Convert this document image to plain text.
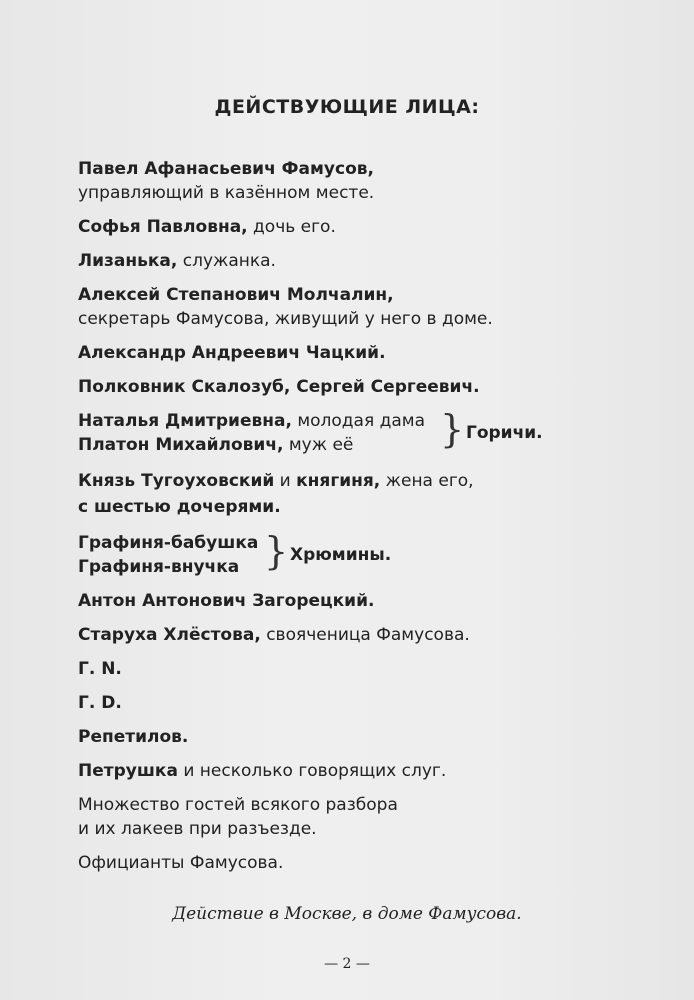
ДЕЙСТВУЮЩИЕ ЛИЦА:
Павел Афанасьевич Фамусов,
управляющий в казённом месте.
Софья Павловна, дочь его.
Лизанька, служанка.
Алексей Степанович Молчалин,
секретарь Фамусова, живущий у него в доме.
Александр Андреевич Чацкий.
Полковник Скалозуб, Сергей Сергеевич.
Наталья Дмитриевна, молодая дама
Платон Михайлович, муж её } Горичи.
Князь Тугоуховский и княгиня, жена его,
с шестью дочерями.
Графиня-бабушка
Графиня-внучка } Хрюмины.
Антон Антонович Загорецкий.
Старуха Хлёстова, свояченица Фамусова.
Г. N.
Г. D.
Репетилов.
Петрушка и несколько говорящих слуг.
Множество гостей всякого разбора
и их лакеев при разъезде.
Официанты Фамусова.
Действие в Москве, в доме Фамусова.
— 2 —
